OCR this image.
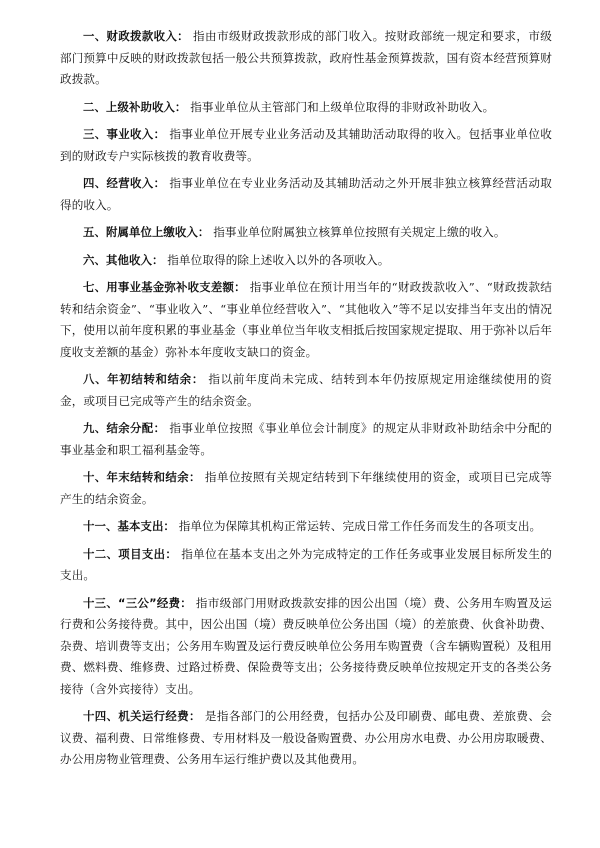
一、财政拨款收入： 指由市级财政拨款形成的部门收入。按财政部统一规定和要求，市级部门预算中反映的财政拨款包括一般公共预算拨款，政府性基金预算拨款，国有资本经营预算财政拨款。

二、上级补助收入： 指事业单位从主管部门和上级单位取得的非财政补助收入。

三、事业收入： 指事业单位开展专业业务活动及其辅助活动取得的收入。包括事业单位收到的财政专户实际核拨的教育收费等。

四、经营收入： 指事业单位在专业业务活动及其辅助活动之外开展非独立核算经营活动取得的收入。

五、附属单位上缴收入： 指事业单位附属独立核算单位按照有关规定上缴的收入。

六、其他收入： 指单位取得的除上述收入以外的各项收入。

七、用事业基金弥补收支差额： 指事业单位在预计用当年的“财政拨款收入”、“财政拨款结转和结余资金”、“事业收入”、“事业单位经营收入”、“其他收入”等不足以安排当年支出的情况下，使用以前年度积累的事业基金（事业单位当年收支相抵后按国家规定提取、用于弥补以后年度收支差额的基金）弥补本年度收支缺口的资金。

八、年初结转和结余： 指以前年度尚未完成、结转到本年仍按原规定用途继续使用的资金，或项目已完成等产生的结余资金。

九、结余分配： 指事业单位按照《事业单位会计制度》的规定从非财政补助结余中分配的事业基金和职工福利基金等。

十、年末结转和结余： 指单位按照有关规定结转到下年继续使用的资金，或项目已完成等产生的结余资金。

十一、基本支出： 指单位为保障其机构正常运转、完成日常工作任务而发生的各项支出。

十二、项目支出： 指单位在基本支出之外为完成特定的工作任务或事业发展目标所发生的支出。

十三、“三公”经费： 指市级部门用财政拨款安排的因公出国（境）费、公务用车购置及运行费和公务接待费。其中，因公出国（境）费反映单位公务出国（境）的差旅费、伙食补助费、杂费、培训费等支出；公务用车购置及运行费反映单位公务用车购置费（含车辆购置税）及租用费、燃料费、维修费、过路过桥费、保险费等支出；公务接待费反映单位按规定开支的各类公务接待（含外宾接待）支出。

十四、机关运行经费： 是指各部门的公用经费，包括办公及印刷费、邮电费、差旅费、会议费、福利费、日常维修费、专用材料及一般设备购置费、办公用房水电费、办公用房取暖费、办公用房物业管理费、公务用车运行维护费以及其他费用。
